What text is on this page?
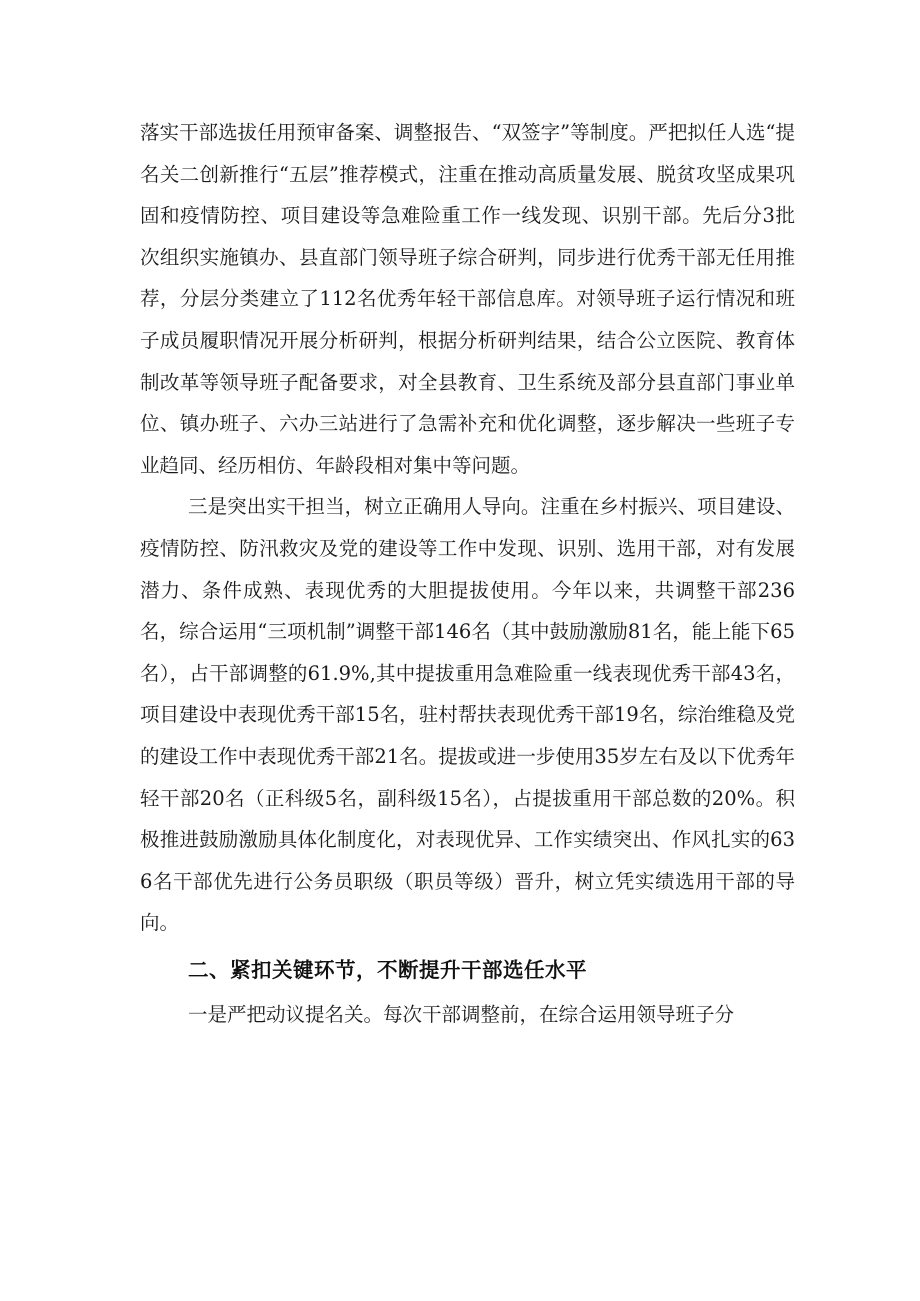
落实干部选拔任用预审备案、调整报告、“双签字”等制度。严把拟任人选“提名关二创新推行“五层”推荐模式，注重在推动高质量发展、脱贫攻坚成果巩固和疫情防控、项目建设等急难险重工作一线发现、识别干部。先后分3批次组织实施镇办、县直部门领导班子综合研判，同步进行优秀干部无任用推荐，分层分类建立了112名优秀年轻干部信息库。对领导班子运行情况和班子成员履职情况开展分析研判，根据分析研判结果，结合公立医院、教育体制改革等领导班子配备要求，对全县教育、卫生系统及部分县直部门事业单位、镇办班子、六办三站进行了急需补充和优化调整，逐步解决一些班子专业趋同、经历相仿、年龄段相对集中等问题。

三是突出实干担当，树立正确用人导向。注重在乡村振兴、项目建设、疫情防控、防汛救灾及党的建设等工作中发现、识别、选用干部，对有发展潜力、条件成熟、表现优秀的大胆提拔使用。今年以来，共调整干部236名，综合运用“三项机制”调整干部146名（其中鼓励激励81名，能上能下65名），占干部调整的61.9%,其中提拔重用急难险重一线表现优秀干部43名，项目建设中表现优秀干部15名，驻村帮扶表现优秀干部19名，综治维稳及党的建设工作中表现优秀干部21名。提拔或进一步使用35岁左右及以下优秀年轻干部20名（正科级5名，副科级15名），占提拔重用干部总数的20%。积极推进鼓励激励具体化制度化，对表现优异、工作实绩突出、作风扎实的636名干部优先进行公务员职级（职员等级）晋升，树立凭实绩选用干部的导向。

二、紧扣关键环节，不断提升干部选任水平

一是严把动议提名关。每次干部调整前，在综合运用领导班子分
